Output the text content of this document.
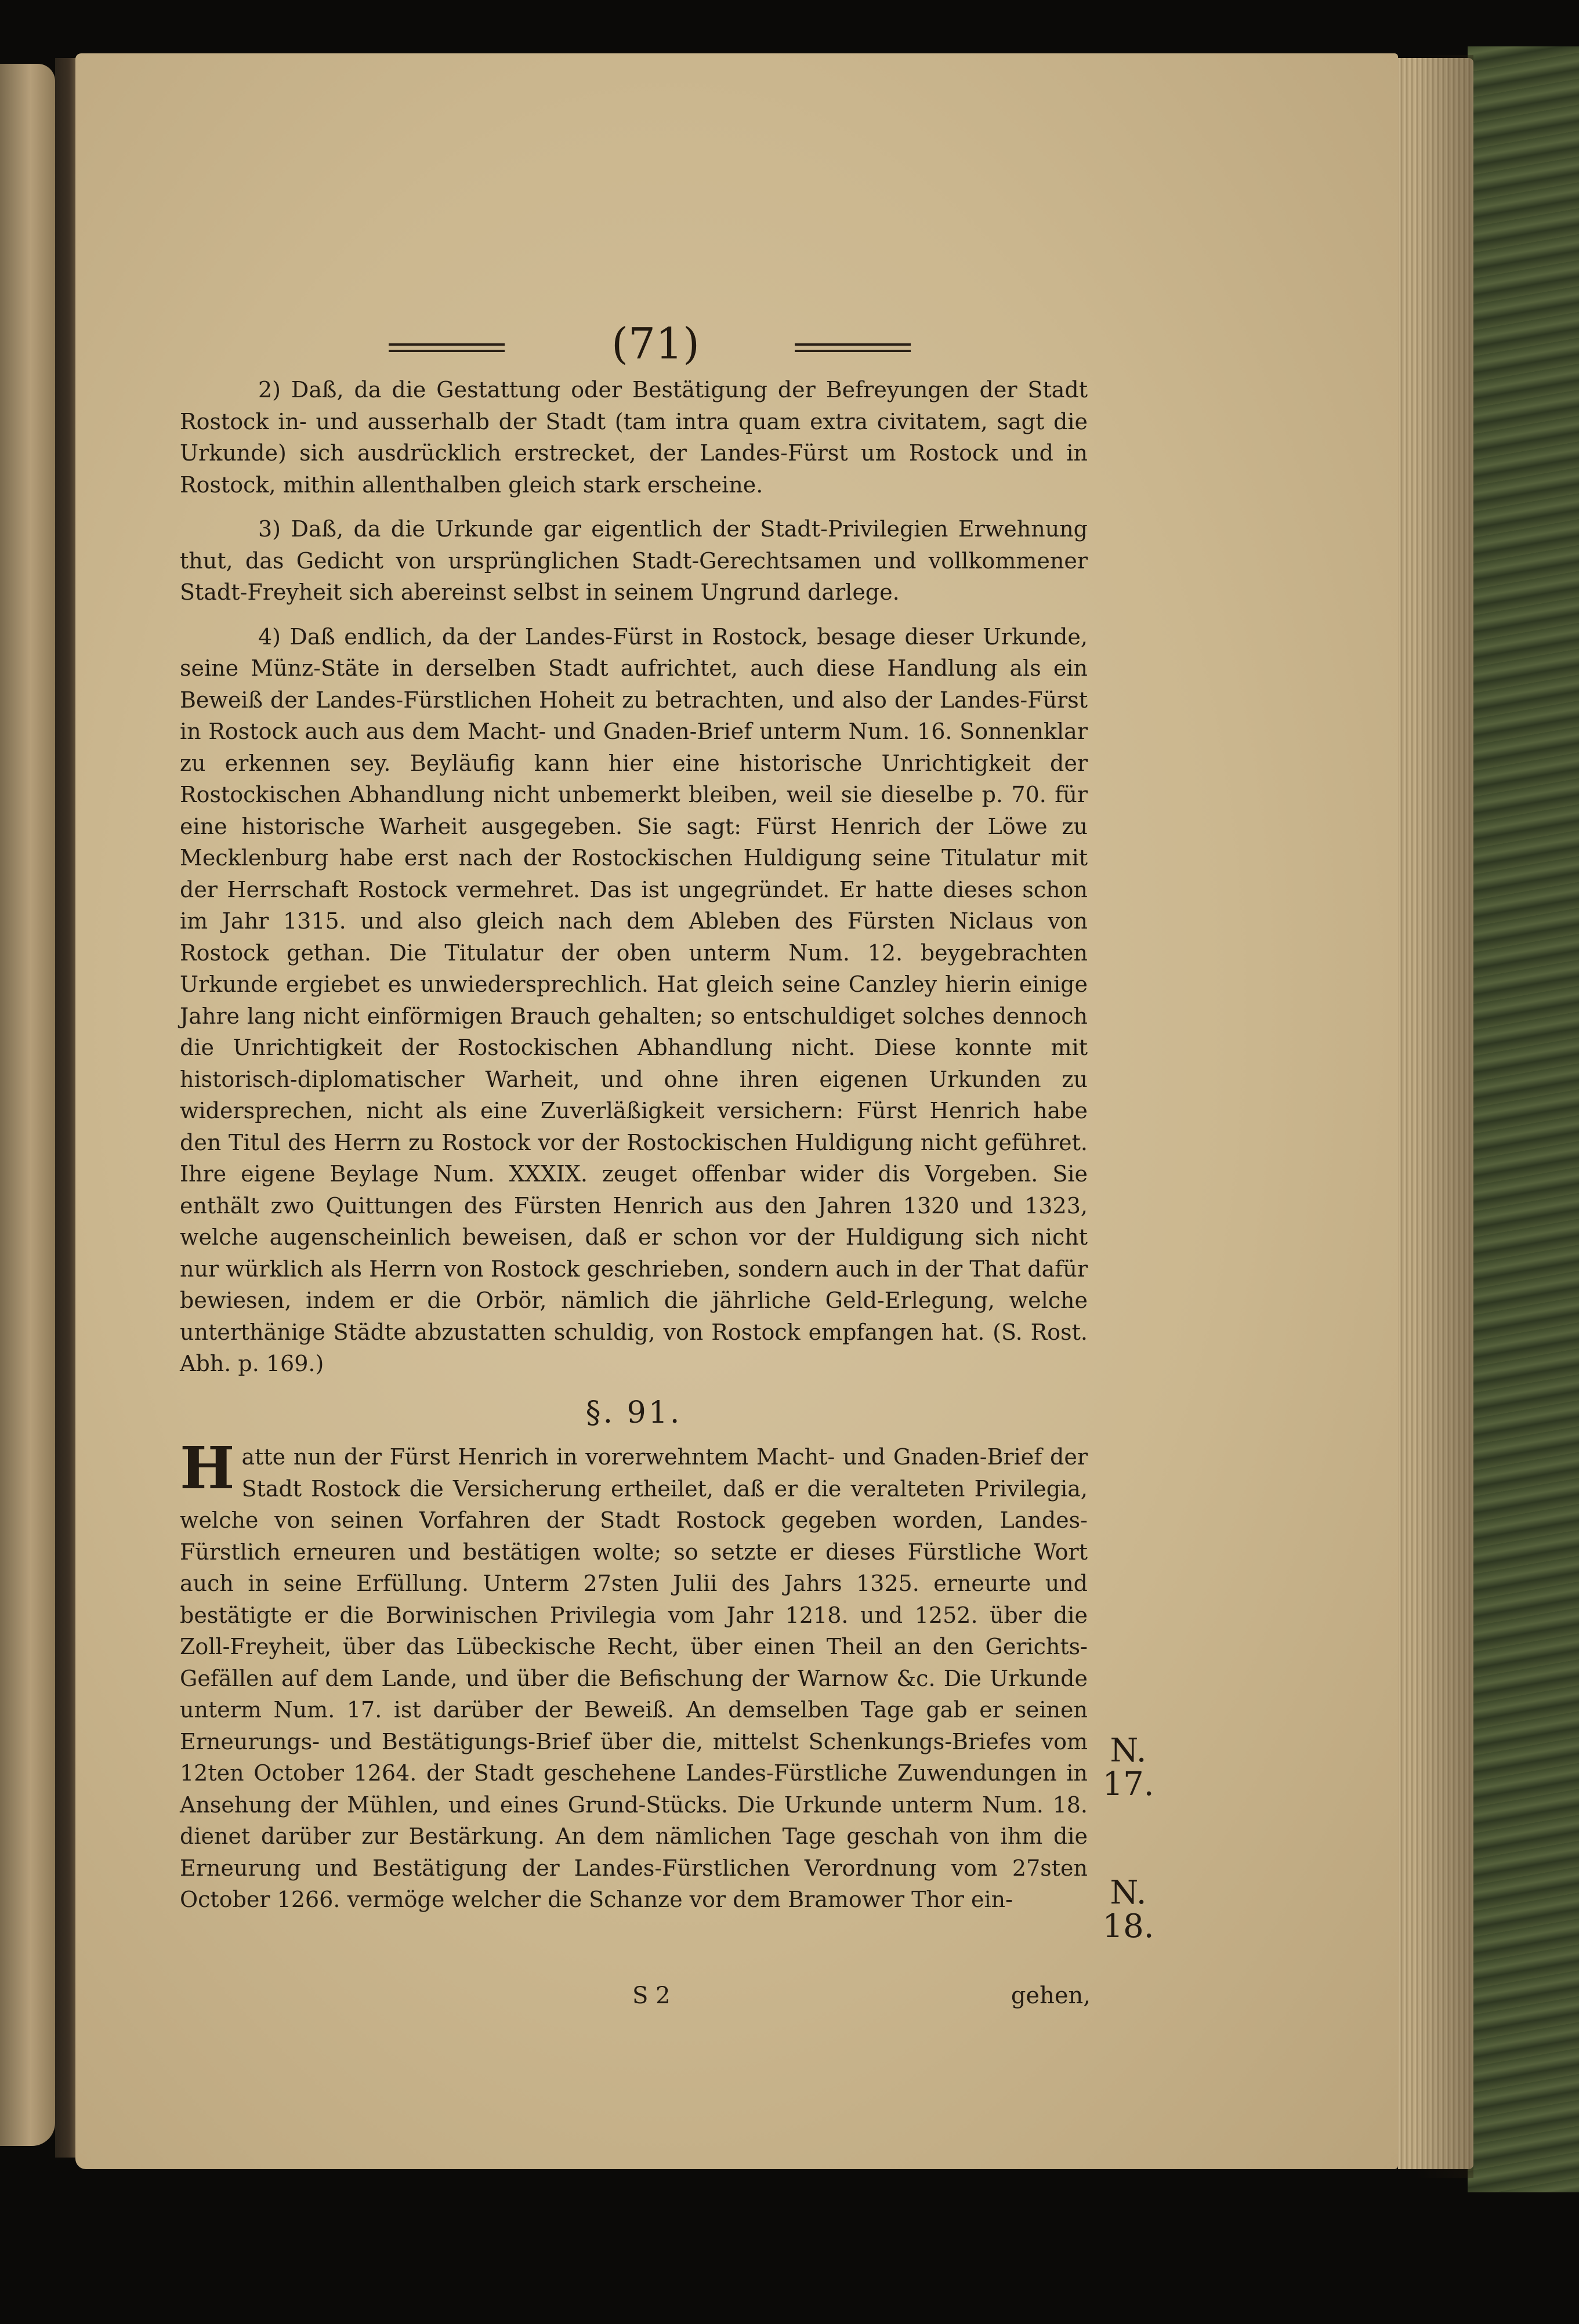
(71)

2) Daß, da die Gestattung oder Bestätigung der Befreyungen der Stadt Rostock in- und ausserhalb der Stadt (tam intra quam extra civitatem, sagt die Urkunde) sich ausdrücklich erstrecket, der Landes-Fürst um Rostock und in Rostock, mithin allenthalben gleich stark erscheine.

3) Daß, da die Urkunde gar eigentlich der Stadt-Privilegien Erwehnung thut, das Gedicht von ursprünglichen Stadt-Gerechtsamen und vollkommener Stadt-Freyheit sich abereinst selbst in seinem Ungrund darlege.

4) Daß endlich, da der Landes-Fürst in Rostock, besage dieser Urkunde, seine Münz-Stäte in derselben Stadt aufrichtet, auch diese Handlung als ein Beweiß der Landes-Fürstlichen Hoheit zu betrachten, und also der Landes-Fürst in Rostock auch aus dem Macht- und Gnaden-Brief unterm Num. 16. Sonnenklar zu erkennen sey. Beyläufig kann hier eine historische Unrichtigkeit der Rostockischen Abhandlung nicht unbemerkt bleiben, weil sie dieselbe p. 70. für eine historische Warheit ausgegeben. Sie sagt: Fürst Henrich der Löwe zu Mecklenburg habe erst nach der Rostockischen Huldigung seine Titulatur mit der Herrschaft Rostock vermehret. Das ist ungegründet. Er hatte dieses schon im Jahr 1315. und also gleich nach dem Ableben des Fürsten Niclaus von Rostock gethan. Die Titulatur der oben unterm Num. 12. beygebrachten Urkunde ergiebet es unwiedersprechlich. Hat gleich seine Canzley hierin einige Jahre lang nicht einförmigen Brauch gehalten; so entschuldiget solches dennoch die Unrichtigkeit der Rostockischen Abhandlung nicht. Diese konnte mit historisch-diplomatischer Warheit, und ohne ihren eigenen Urkunden zu widersprechen, nicht als eine Zuverläßigkeit versichern: Fürst Henrich habe den Titul des Herrn zu Rostock vor der Rostockischen Huldigung nicht geführet. Ihre eigene Beylage Num. XXXIX. zeuget offenbar wider dis Vorgeben. Sie enthält zwo Quittungen des Fürsten Henrich aus den Jahren 1320 und 1323, welche augenscheinlich beweisen, daß er schon vor der Huldigung sich nicht nur würklich als Herrn von Rostock geschrieben, sondern auch in der That dafür bewiesen, indem er die Orbör, nämlich die jährliche Geld-Erlegung, welche unterthänige Städte abzustatten schuldig, von Rostock empfangen hat. (S. Rost. Abh. p. 169.)

§. 91.

Hatte nun der Fürst Henrich in vorerwehntem Macht- und Gnaden-Brief der Stadt Rostock die Versicherung ertheilet, daß er die veralteten Privilegia, welche von seinen Vorfahren der Stadt Rostock gegeben worden, Landes-Fürstlich erneuren und bestätigen wolte; so setzte er dieses Fürstliche Wort auch in seine Erfüllung. Unterm 27sten Julii des Jahrs 1325. erneurte und bestätigte er die Borwinischen Privilegia vom Jahr 1218. und 1252. über die Zoll-Freyheit, über das Lübeckische Recht, über einen Theil an den Gerichts-Gefällen auf dem Lande, und über die Befischung der Warnow &c. Die Urkunde unterm Num. 17. ist darüber der Beweiß. An demselben Tage gab er seinen Erneurungs- und Bestätigungs-Brief über die, mittelst Schenkungs-Briefes vom 12ten October 1264. der Stadt geschehene Landes-Fürstliche Zuwendungen in Ansehung der Mühlen, und eines Grund-Stücks. Die Urkunde unterm Num. 18. dienet darüber zur Bestärkung. An dem nämlichen Tage geschah von ihm die Erneurung und Bestätigung der Landes-Fürstlichen Verordnung vom 27sten October 1266. vermöge welcher die Schanze vor dem Bramower Thor ein-

N.
17.
N.
18.
S 2	gehen,
